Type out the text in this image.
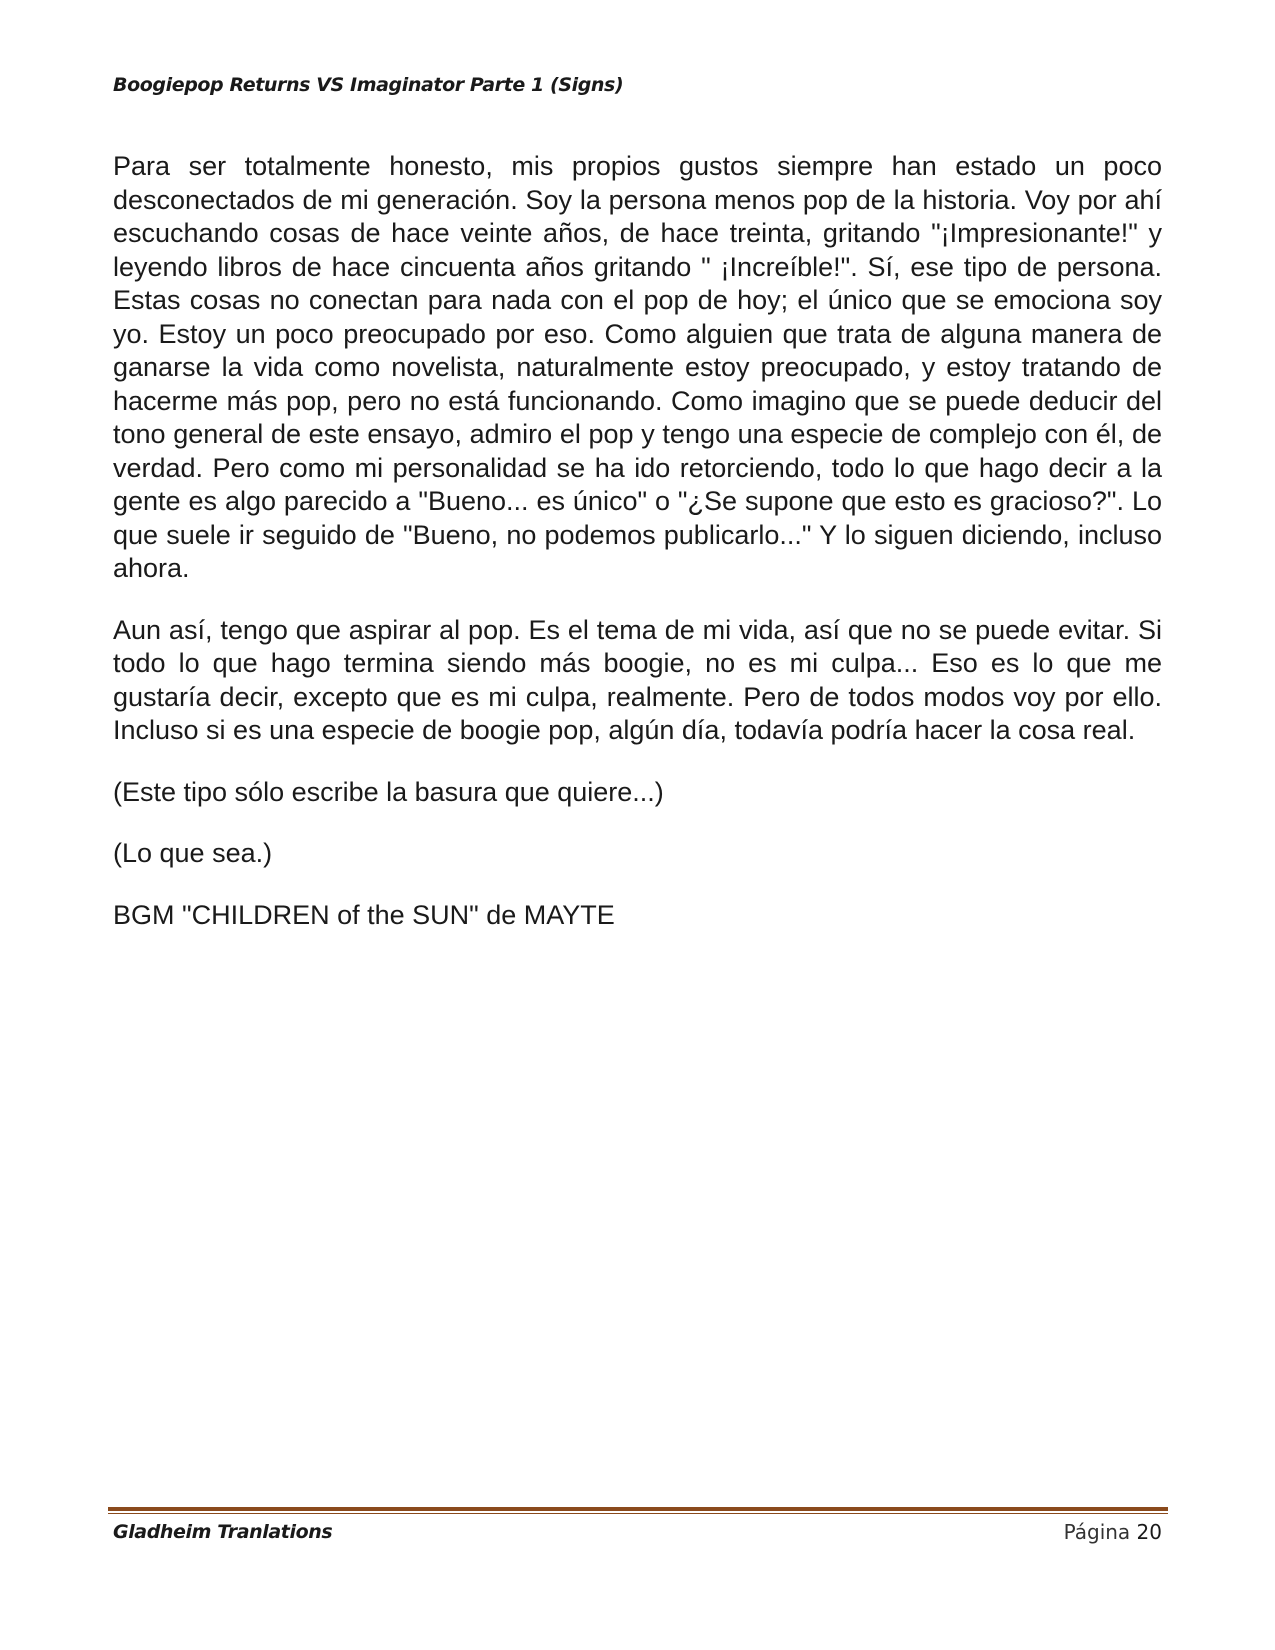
Boogiepop Returns VS Imaginator Parte 1 (Signs)

Para ser totalmente honesto, mis propios gustos siempre han estado un poco desconectados de mi generación. Soy la persona menos pop de la historia. Voy por ahí escuchando cosas de hace veinte años, de hace treinta, gritando "¡Impresionante!" y leyendo libros de hace cincuenta años gritando " ¡Increíble!". Sí, ese tipo de persona. Estas cosas no conectan para nada con el pop de hoy; el único que se emociona soy yo. Estoy un poco preocupado por eso. Como alguien que trata de alguna manera de ganarse la vida como novelista, naturalmente estoy preocupado, y estoy tratando de hacerme más pop, pero no está funcionando. Como imagino que se puede deducir del tono general de este ensayo, admiro el pop y tengo una especie de complejo con él, de verdad. Pero como mi personalidad se ha ido retorciendo, todo lo que hago decir a la gente es algo parecido a "Bueno... es único" o "¿Se supone que esto es gracioso?". Lo que suele ir seguido de "Bueno, no podemos publicarlo..." Y lo siguen diciendo, incluso ahora.

Aun así, tengo que aspirar al pop. Es el tema de mi vida, así que no se puede evitar. Si todo lo que hago termina siendo más boogie, no es mi culpa... Eso es lo que me gustaría decir, excepto que es mi culpa, realmente. Pero de todos modos voy por ello. Incluso si es una especie de boogie pop, algún día, todavía podría hacer la cosa real.

(Este tipo sólo escribe la basura que quiere...)

(Lo que sea.)

BGM "CHILDREN of the SUN" de MAYTE

Gladheim Tranlations	Página 20
